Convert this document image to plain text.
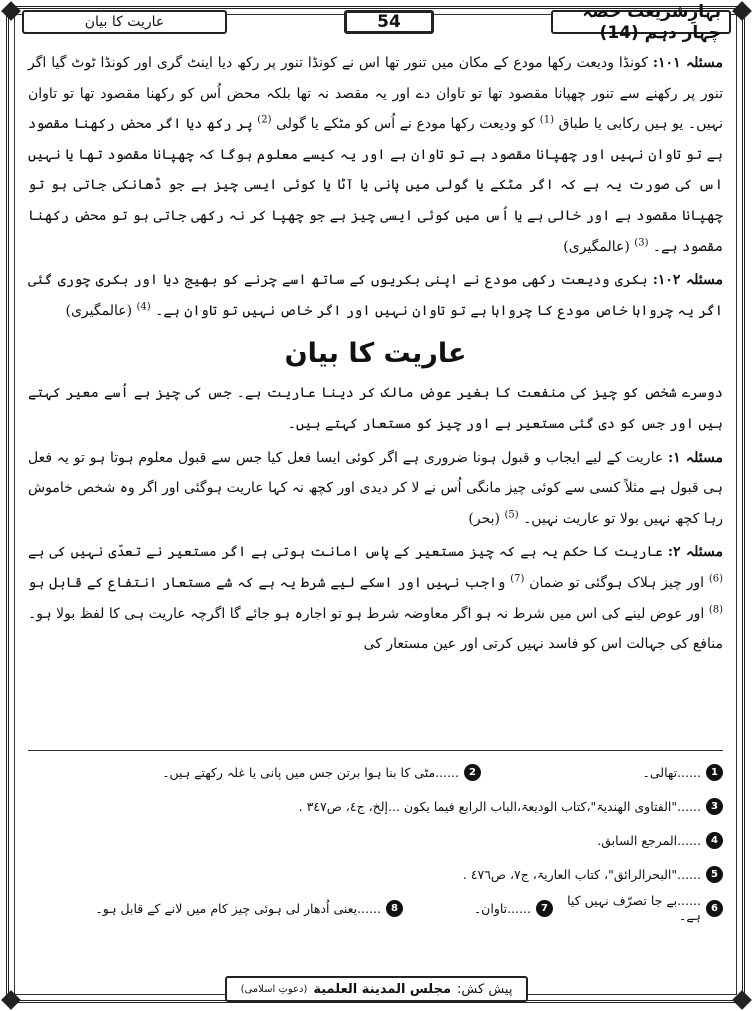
بہارِشریعت حصہ چہار دہم (14)
54
عاریت کا بیان

مسئلہ ۱۰۱: کونڈا ودیعت رکھا مودع کے مکان میں تنور تھا اس نے کونڈا تنور پر رکھ دیا اینٹ گری اور کونڈا ٹوٹ گیا اگر تنور پر رکھنے سے تنور چھپانا مقصود تھا تو تاوان دے اور یہ مقصد نہ تھا بلکہ محض اُس کو رکھنا مقصود تھا تو تاوان نہیں۔ یو ہیں رکابی یا طباق $^{(1)}$ کو ودیعت رکھا مودع نے اُس کو مٹکے یا گولی $^{(2)}$ پر رکھ دیا اگر محض رکھنا مقصود ہے تو تاوان نہیں اور چھپانا مقصود ہے تو تاوان ہے اور یہ کیسے معلوم ہوگا کہ چھپانا مقصود تھا یا نہیں اس کی صورت یہ ہے کہ اگر مٹکے یا گولی میں پانی یا آٹا یا کوئی ایسی چیز ہے جو ڈھانکی جاتی ہو تو چھپانا مقصود ہے اور خالی ہے یا اُس میں کوئی ایسی چیز ہے جو چھپا کر نہ رکھی جاتی ہو تو محض رکھنا مقصود ہے۔ $^{(3)}$ (عالمگیری)

مسئلہ ۱۰۲: بکری ودیعت رکھی مودع نے اپنی بکریوں کے ساتھ اسے چرنے کو بھیج دیا اور بکری چوری گئی اگر یہ چرواہا خاص مودع کا چرواہا ہے تو تاوان نہیں اور اگر خاص نہیں تو تاوان ہے۔ $^{(4)}$ (عالمگیری)

عاریت کا بیان

دوسرے شخص کو چیز کی منفعت کا بغیر عوض مالک کر دینا عاریت ہے۔ جس کی چیز ہے اُسے معیر کہتے ہیں اور جس کو دی گئی مستعیر ہے اور چیز کو مستعار کہتے ہیں۔

مسئلہ ۱: عاریت کے لیے ایجاب و قبول ہونا ضروری ہے اگر کوئی ایسا فعل کیا جس سے قبول معلوم ہوتا ہو تو یہ فعل ہی قبول ہے مثلاً کسی سے کوئی چیز مانگی اُس نے لا کر دیدی اور کچھ نہ کہا عاریت ہوگئی اور اگر وہ شخص خاموش رہا کچھ نہیں بولا تو عاریت نہیں۔ $^{(5)}$ (بحر)

مسئلہ ۲: عاریت کا حکم یہ ہے کہ چیز مستعیر کے پاس امانت ہوتی ہے اگر مستعیر نے تعدّی نہیں کی ہے $^{(6)}$ اور چیز ہلاک ہوگئی تو ضمان $^{(7)}$ واجب نہیں اور اسکے لیے شرط یہ ہے کہ شے مستعار انتفاع کے قابل ہو $^{(8)}$ اور عوض لینے کی اس میں شرط نہ ہو اگر معاوضہ شرط ہو تو اجارہ ہو جائے گا اگرچہ عاریت ہی کا لفظ بولا ہو۔ منافع کی جہالت اس کو فاسد نہیں کرتی اور عین مستعار کی

1
......تھالی۔
2
......مٹی کا بنا ہوا برتن جس میں پانی یا غلہ رکھتے ہیں۔
3
......"الفتاوی الھندیۃ"،کتاب الودیعۃ،الباب الرابع فیما یکون ...إلخ، ج٤، ص٣٤٧ .
4
......المرجع السابق.
5
......"البحرالرائق"، کتاب العاریۃ، ج٧، ص٤٧٦ .
6
......بے جا تصرّف نہیں کیا ہے۔
7
......تاوان۔
8
......یعنی اُدھار لی ہوئی چیز کام میں لانے کے قابل ہو۔
پیش کش:
مجلس المدینة العلمیة
(دعوتِ اسلامی)
